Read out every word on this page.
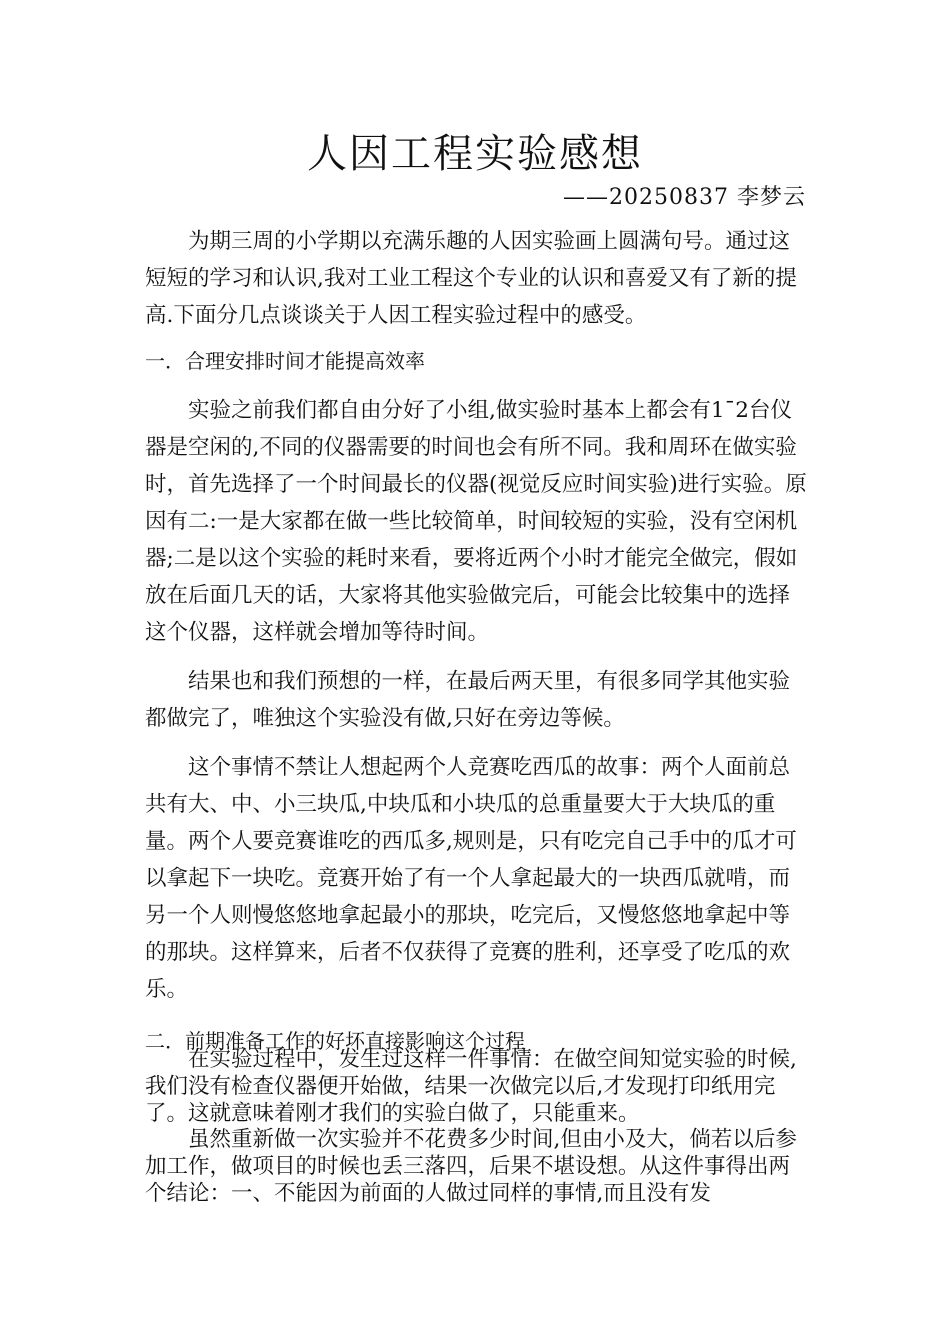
人因工程实验感想

——20250837 李梦云

为期三周的小学期以充满乐趣的人因实验画上圆满句号。通过这短短的学习和认识,我对工业工程这个专业的认识和喜爱又有了新的提高.下面分几点谈谈关于人因工程实验过程中的感受。

一．合理安排时间才能提高效率

实验之前我们都自由分好了小组,做实验时基本上都会有1¯2台仪器是空闲的,不同的仪器需要的时间也会有所不同。我和周环在做实验时，首先选择了一个时间最长的仪器(视觉反应时间实验)进行实验。原因有二:一是大家都在做一些比较简单，时间较短的实验，没有空闲机器;二是以这个实验的耗时来看，要将近两个小时才能完全做完，假如放在后面几天的话，大家将其他实验做完后，可能会比较集中的选择这个仪器，这样就会增加等待时间。

结果也和我们预想的一样，在最后两天里，有很多同学其他实验都做完了，唯独这个实验没有做,只好在旁边等候。

这个事情不禁让人想起两个人竞赛吃西瓜的故事：两个人面前总共有大、中、小三块瓜,中块瓜和小块瓜的总重量要大于大块瓜的重量。两个人要竞赛谁吃的西瓜多,规则是，只有吃完自己手中的瓜才可以拿起下一块吃。竞赛开始了有一个人拿起最大的一块西瓜就啃，而另一个人则慢悠悠地拿起最小的那块，吃完后，又慢悠悠地拿起中等的那块。这样算来，后者不仅获得了竞赛的胜利，还享受了吃瓜的欢乐。

二．前期准备工作的好坏直接影响这个过程

在实验过程中，发生过这样一件事情：在做空间知觉实验的时候,我们没有检查仪器便开始做，结果一次做完以后,才发现打印纸用完了。这就意味着刚才我们的实验白做了，只能重来。

虽然重新做一次实验并不花费多少时间,但由小及大，倘若以后参加工作，做项目的时候也丢三落四，后果不堪设想。从这件事得出两个结论：一、不能因为前面的人做过同样的事情,而且没有发
